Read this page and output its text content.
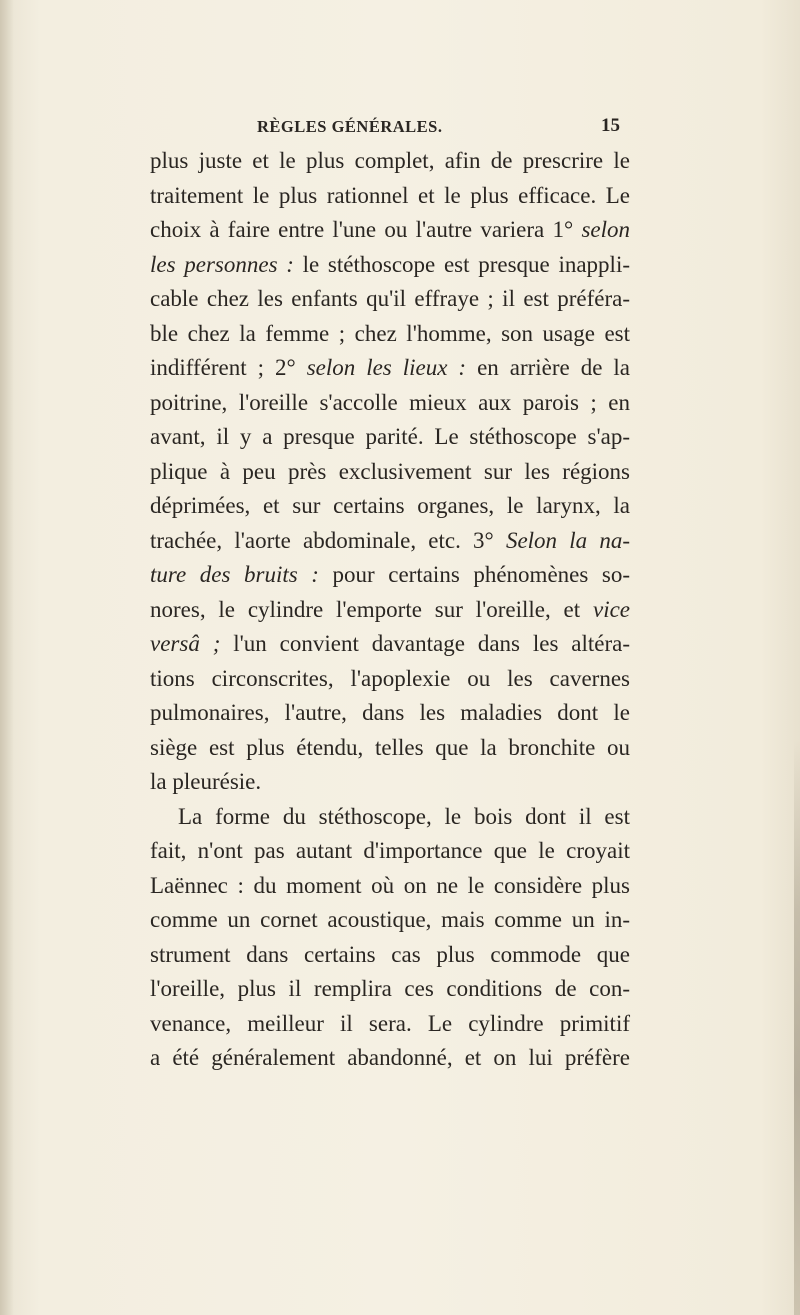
RÈGLES GÉNÉRALES.	15
plus juste et le plus complet, afin de prescrire le
traitement le plus rationnel et le plus efficace. Le
choix à faire entre l'une ou l'autre variera 1° selon
les personnes : le stéthoscope est presque inappli-
cable chez les enfants qu'il effraye ; il est préféra-
ble chez la femme ; chez l'homme, son usage est
indifférent ; 2° selon les lieux : en arrière de la
poitrine, l'oreille s'accolle mieux aux parois ; en
avant, il y a presque parité. Le stéthoscope s'ap-
plique à peu près exclusivement sur les régions
déprimées, et sur certains organes, le larynx, la
trachée, l'aorte abdominale, etc. 3° Selon la na-
ture des bruits : pour certains phénomènes so-
nores, le cylindre l'emporte sur l'oreille, et vice
versâ ; l'un convient davantage dans les altéra-
tions circonscrites, l'apoplexie ou les cavernes
pulmonaires, l'autre, dans les maladies dont le
siège est plus étendu, telles que la bronchite ou
la pleurésie.
La forme du stéthoscope, le bois dont il est
fait, n'ont pas autant d'importance que le croyait
Laënnec : du moment où on ne le considère plus
comme un cornet acoustique, mais comme un in-
strument dans certains cas plus commode que
l'oreille, plus il remplira ces conditions de con-
venance, meilleur il sera. Le cylindre primitif
a été généralement abandonné, et on lui préfère
